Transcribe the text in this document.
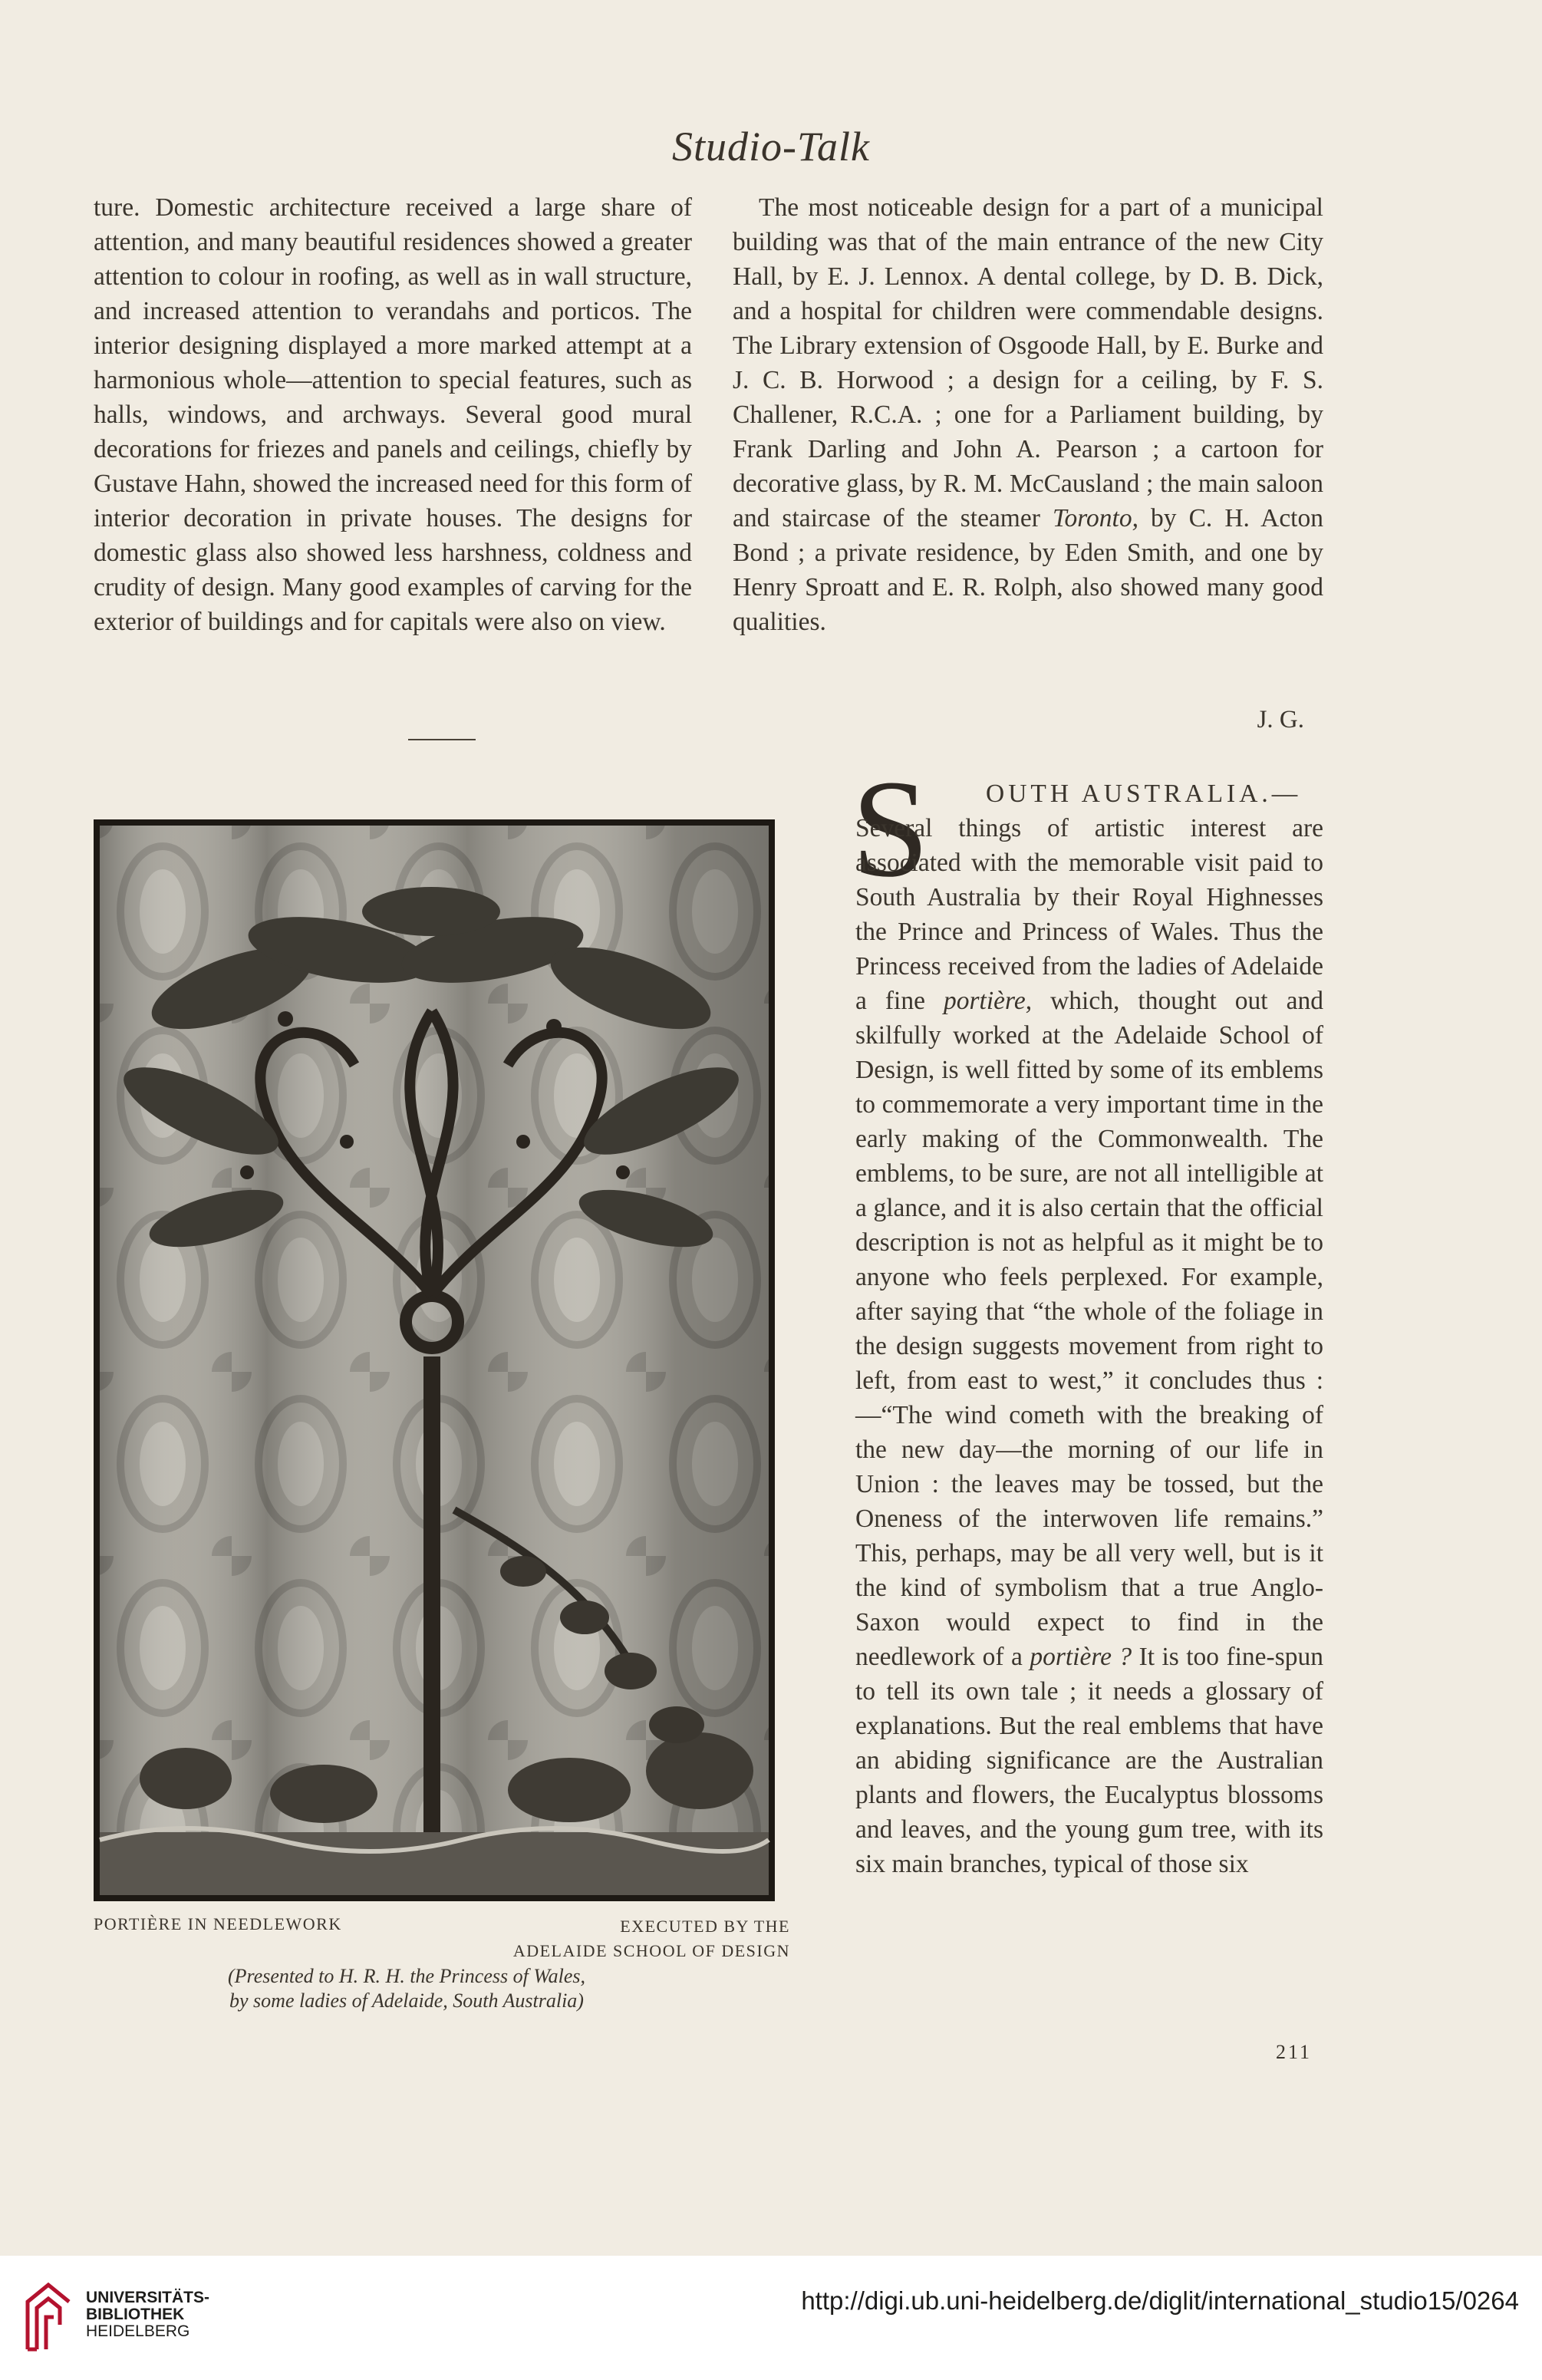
Studio-Talk

ture. Domestic architecture received a large share of attention, and many beautiful residences showed a greater attention to colour in roofing, as well as in wall structure, and increased attention to verandahs and porticos. The interior designing displayed a more marked attempt at a harmonious whole—attention to special features, such as halls, windows, and archways. Several good mural decorations for friezes and panels and ceilings, chiefly by Gustave Hahn, showed the increased need for this form of interior decoration in private houses. The designs for domestic glass also showed less harshness, coldness and crudity of design. Many good examples of carving for the exterior of buildings and for capitals were also on view.

The most noticeable design for a part of a municipal building was that of the main entrance of the new City Hall, by E. J. Lennox. A dental college, by D. B. Dick, and a hospital for children were commendable designs. The Library extension of Osgoode Hall, by E. Burke and J. C. B. Horwood ; a design for a ceiling, by F. S. Challener, R.C.A. ; one for a Parliament building, by Frank Darling and John A. Pearson ; a cartoon for decorative glass, by R. M. McCausland ; the main saloon and staircase of the steamer Toronto, by C. H. Acton Bond ; a private residence, by Eden Smith, and one by Henry Sproatt and E. R. Rolph, also showed many good qualities.

J. G.
S	OUTH AUSTRALIA.— Several things of artistic interest are associated with the memorable visit paid to South Australia by their Royal Highnesses the Prince and Princess of Wales. Thus the Princess received from the ladies of Adelaide a fine portière, which, thought out and skilfully worked at the Adelaide School of Design, is well fitted by some of its emblems to commemorate a very important time in the early making of the Commonwealth. The emblems, to be sure, are not all intelligible at a glance, and it is also certain that the official description is not as helpful as it might be to anyone who feels perplexed. For example, after saying that “the whole of the foliage in the design suggests movement from right to left, from east to west,” it concludes thus :—“The wind cometh with the breaking of the new day—the morning of our life in Union : the leaves may be tossed, but the Oneness of the interwoven life remains.” This, perhaps, may be all very well, but is it the kind of symbolism that a true Anglo-Saxon would expect to find in the needlework of a portière ? It is too fine-spun to tell its own tale ; it needs a glossary of explanations. But the real emblems that have an abiding significance are the Australian plants and flowers, the Eucalyptus blossoms and leaves, and the young gum tree, with its six main branches, typical of those six

PORTIÈRE IN NEEDLEWORK	EXECUTED BY THE
ADELAIDE SCHOOL OF DESIGN
(Presented to H. R. H. the Princess of Wales,
by some ladies of Adelaide, South Australia)
211
UNIVERSITÄTS-
BIBLIOTHEK
HEIDELBERG
http://digi.ub.uni-heidelberg.de/diglit/international_studio15/0264
